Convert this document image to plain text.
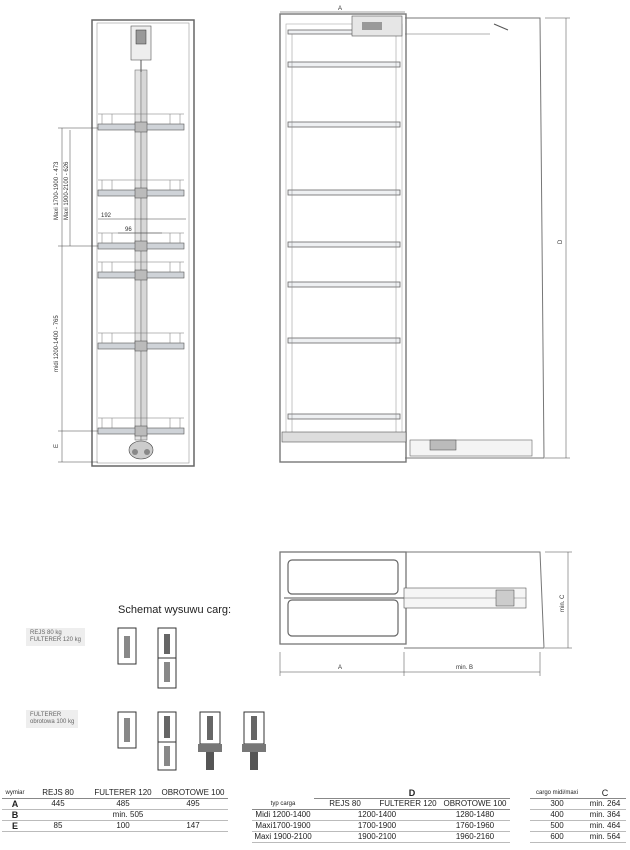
Maxi 1700-1900 - 473 Maxi 1900-2100 - 626
midi 1200-1400 - 765
192
96
E
A
D
A	min. B
min. C
Schemat wysuwu carg:
REJS 80 kg
FULTERER 120 kg
FULTERER
obrotowa 100 kg
wymiar	REJS 80	FULTERER 120	OBROTOWE 100
A	445	485	495
B	min. 505		
E	85	100	147
	D		
typ carga	REJS 80	FULTERER 120	OBROTOWE 100
Midi 1200-1400	1200-1400		1280-1480
Maxi1700-1900	1700-1900		1760-1960
Maxi 1900-2100	1900-2100		1960-2160
cargo midi/maxi	C
300	min. 264
400	min. 364
500	min. 464
600	min. 564
